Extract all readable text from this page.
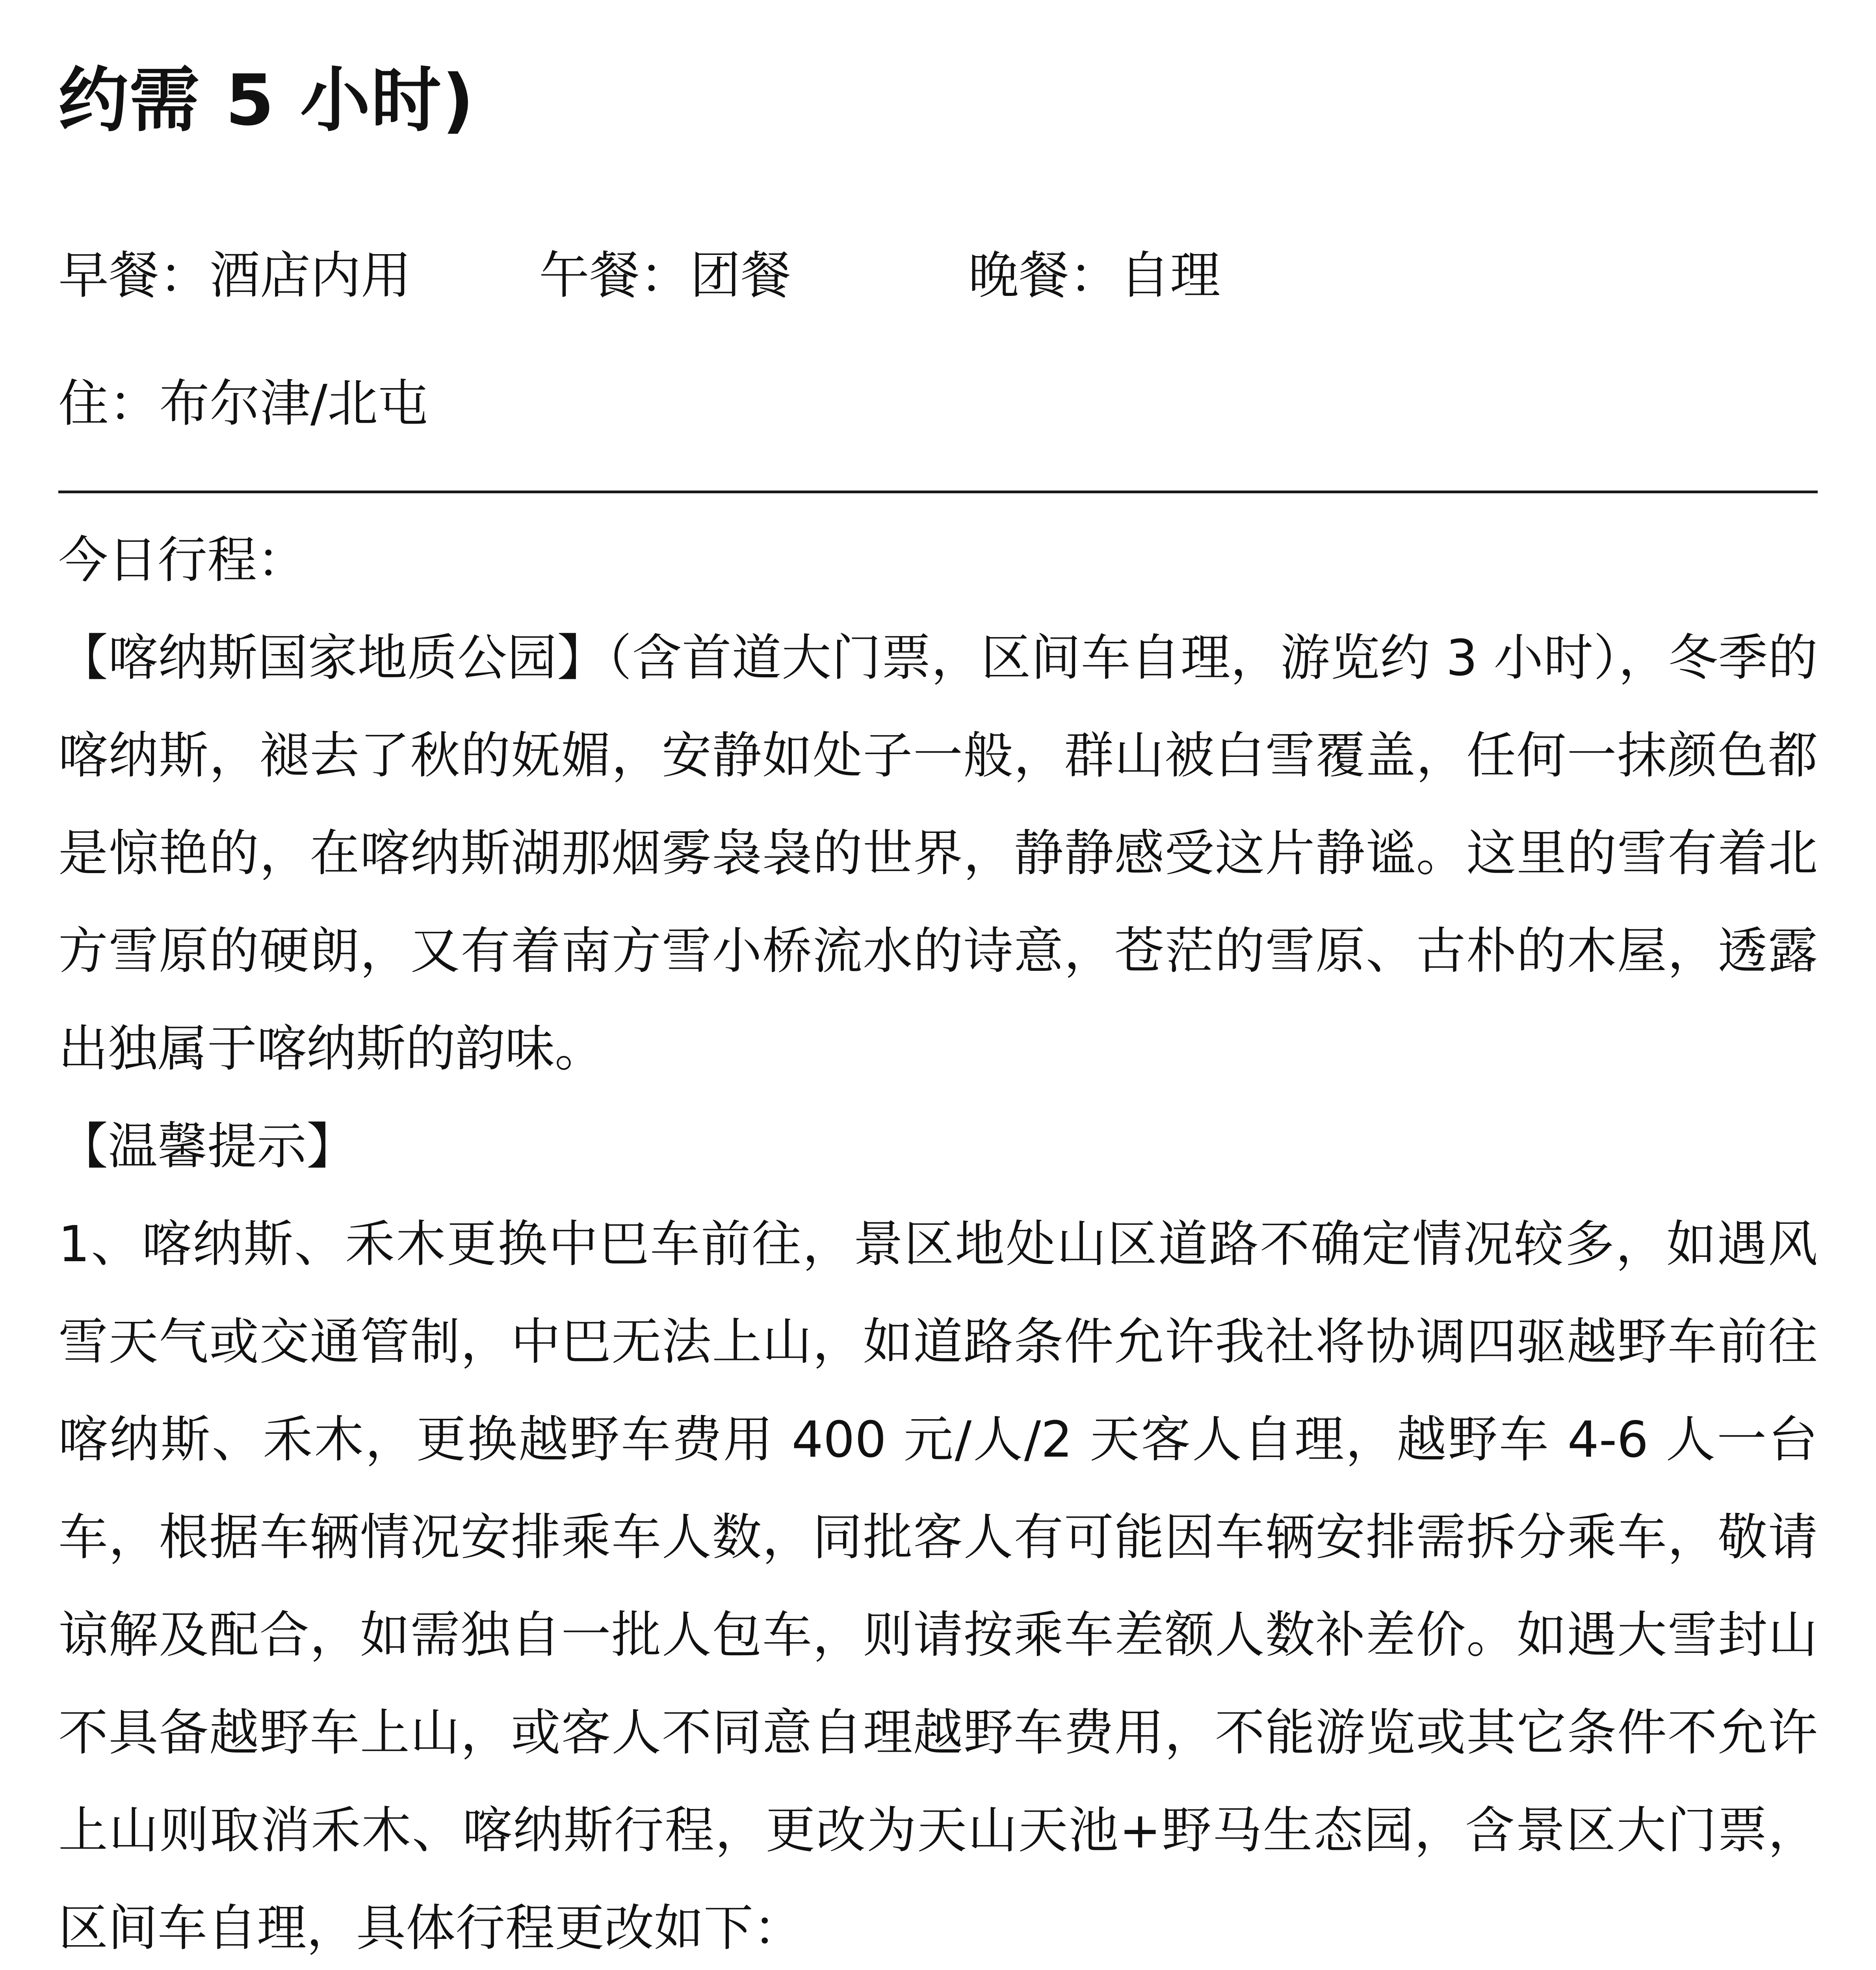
约需 5 小时)
早餐：酒店内用	午餐：团餐	晚餐：自理
住：布尔津/北屯

今日行程：

【喀纳斯国家地质公园】（含首道大门票，区间车自理，游览约 3 小时），冬季的喀纳斯，褪去了秋的妩媚，安静如处子一般，群山被白雪覆盖，任何一抹颜色都是惊艳的，在喀纳斯湖那烟雾袅袅的世界，静静感受这片静谧。这里的雪有着北方雪原的硬朗，又有着南方雪小桥流水的诗意，苍茫的雪原、古朴的木屋，透露出独属于喀纳斯的韵味。

【温馨提示】

1、喀纳斯、禾木更换中巴车前往，景区地处山区道路不确定情况较多，如遇风雪天气或交通管制，中巴无法上山，如道路条件允许我社将协调四驱越野车前往喀纳斯、禾木，更换越野车费用 400 元/人/2 天客人自理，越野车 4-6 人一台车，根据车辆情况安排乘车人数，同批客人有可能因车辆安排需拆分乘车，敬请谅解及配合，如需独自一批人包车，则请按乘车差额人数补差价。如遇大雪封山不具备越野车上山，或客人不同意自理越野车费用，不能游览或其它条件不允许上山则取消禾木、喀纳斯行程，更改为天山天池+野马生态园，含景区大门票，区间车自理，具体行程更改如下：
